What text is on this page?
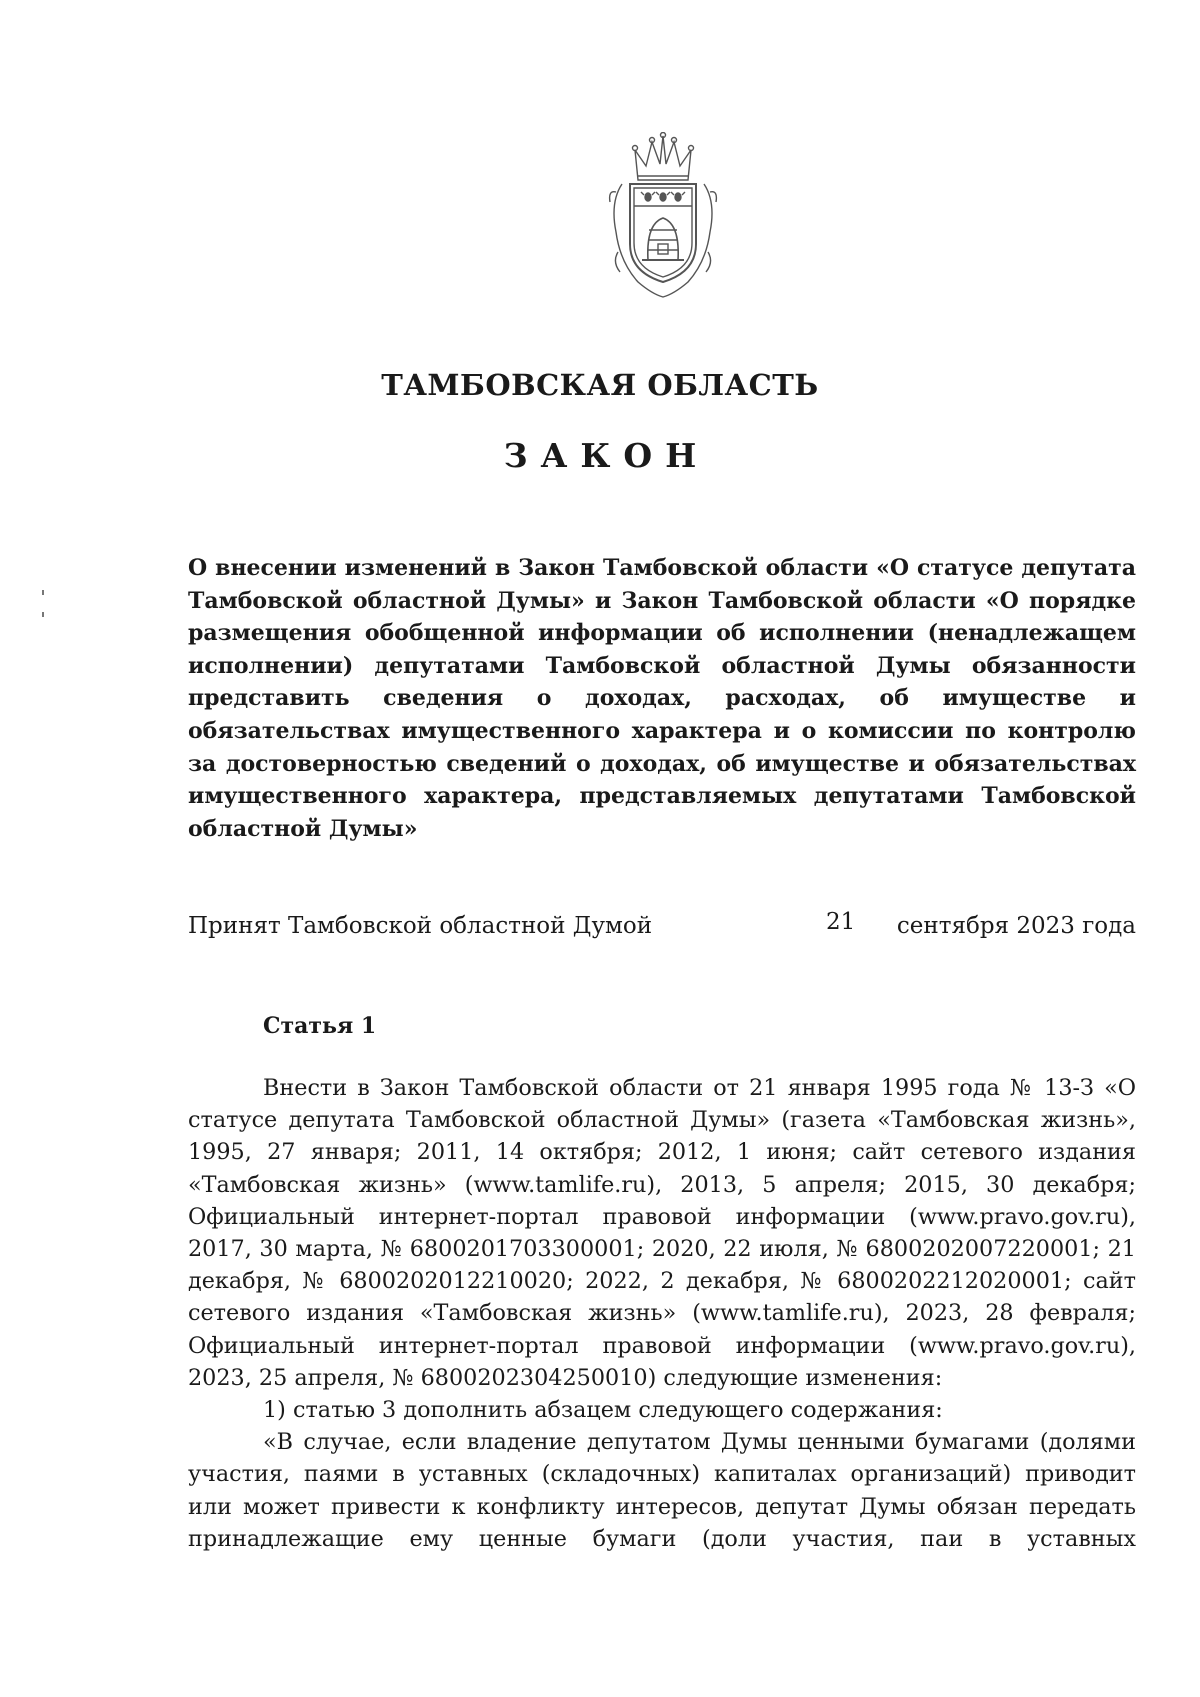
ТАМБОВСКАЯ ОБЛАСТЬ
ЗАКОН
О внесении изменений в Закон Тамбовской области «О статусе депутата Тамбовской областной Думы» и Закон Тамбовской области «О порядке размещения обобщенной информации об исполнении (ненадлежащем исполнении) депутатами Тамбовской областной Думы обязанности представить сведения о доходах, расходах, об имуществе и обязательствах имущественного характера и о комиссии по контролю за достоверностью сведений о доходах, об имуществе и обязательствах имущественного характера, представляемых депутатами Тамбовской областной Думы»
Принят Тамбовской областной Думой	21 сентября 2023 года
Статья 1

Внести в Закон Тамбовской области от 21 января 1995 года № 13-З «О статусе депутата Тамбовской областной Думы» (газета «Тамбовская жизнь», 1995, 27 января; 2011, 14 октября; 2012, 1 июня; сайт сетевого издания «Тамбовская жизнь» (www.tamlife.ru), 2013, 5 апреля; 2015, 30 декабря; Официальный интернет-портал правовой информации (www.pravo.gov.ru), 2017, 30 марта, № 6800201703300001; 2020, 22 июля, № 6800202007220001; 21 декабря, № 6800202012210020; 2022, 2 декабря, № 6800202212020001; сайт сетевого издания «Тамбовская жизнь» (www.tamlife.ru), 2023, 28 февраля; Официальный интернет-портал правовой информации (www.pravo.gov.ru), 2023, 25 апреля, № 6800202304250010) следующие изменения:

1) статью 3 дополнить абзацем следующего содержания:

«В случае, если владение депутатом Думы ценными бумагами (долями участия, паями в уставных (складочных) капиталах организаций) приводит или может привести к конфликту интересов, депутат Думы обязан передать принадлежащие ему ценные бумаги (доли участия, паи в уставных
